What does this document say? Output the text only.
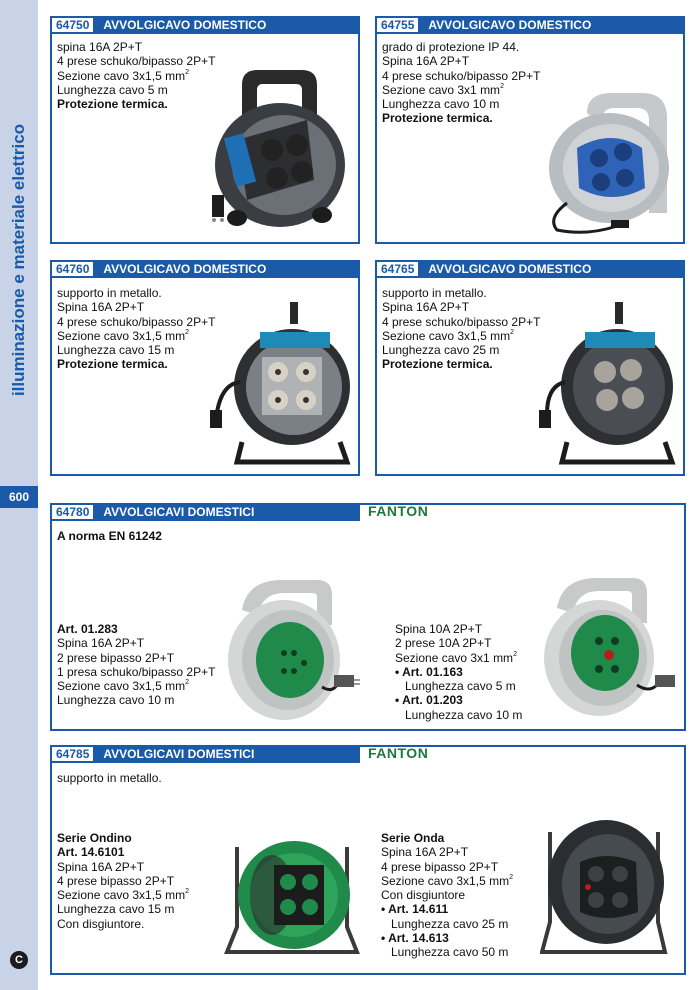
illuminazione e materiale elettrico
600
C
64750	AVVOLGICAVO DOMESTICO
spina 16A 2P+T
4 prese schuko/bipasso 2P+T
Sezione cavo 3x1,5 $mm^2$
Lunghezza cavo 5 m
Protezione termica.
64755	AVVOLGICAVO DOMESTICO
grado di protezione IP 44.
Spina 16A 2P+T
4 prese schuko/bipasso 2P+T
Sezione cavo 3x1 $mm^2$
Lunghezza cavo 10 m
Protezione termica.
64760	AVVOLGICAVO DOMESTICO
supporto in metallo.
Spina 16A 2P+T
4 prese schuko/bipasso 2P+T
Sezione cavo 3x1,5 $mm^2$
Lunghezza cavo 15 m
Protezione termica.
64765	AVVOLGICAVO DOMESTICO
supporto in metallo.
Spina 16A 2P+T
4 prese schuko/bipasso 2P+T
Sezione cavo 3x1,5 $mm^2$
Lunghezza cavo 25 m
Protezione termica.
64780	AVVOLGICAVI DOMESTICI	FANTON
A norma EN 61242
Art. 01.283
Spina 16A 2P+T
2 prese bipasso 2P+T
1 presa schuko/bipasso 2P+T
Sezione cavo 3x1,5 $mm^2$
Lunghezza cavo 10 m
Spina 10A 2P+T
2 prese 10A 2P+T
Sezione cavo 3x1 $mm^2$
• Art. 01.163
Lunghezza cavo 5 m
• Art. 01.203
Lunghezza cavo 10 m
64785	AVVOLGICAVI DOMESTICI	FANTON
supporto in metallo.
Serie Ondino
Art. 14.6101
Spina 16A 2P+T
4 prese bipasso 2P+T
Sezione cavo 3x1,5 $mm^2$
Lunghezza cavo 15 m
Con disgiuntore.
Serie Onda
Spina 16A 2P+T
4 prese bipasso 2P+T
Sezione cavo 3x1,5 $mm^2$
Con disgiuntore
• Art. 14.611
Lunghezza cavo 25 m
• Art. 14.613
Lunghezza cavo 50 m
